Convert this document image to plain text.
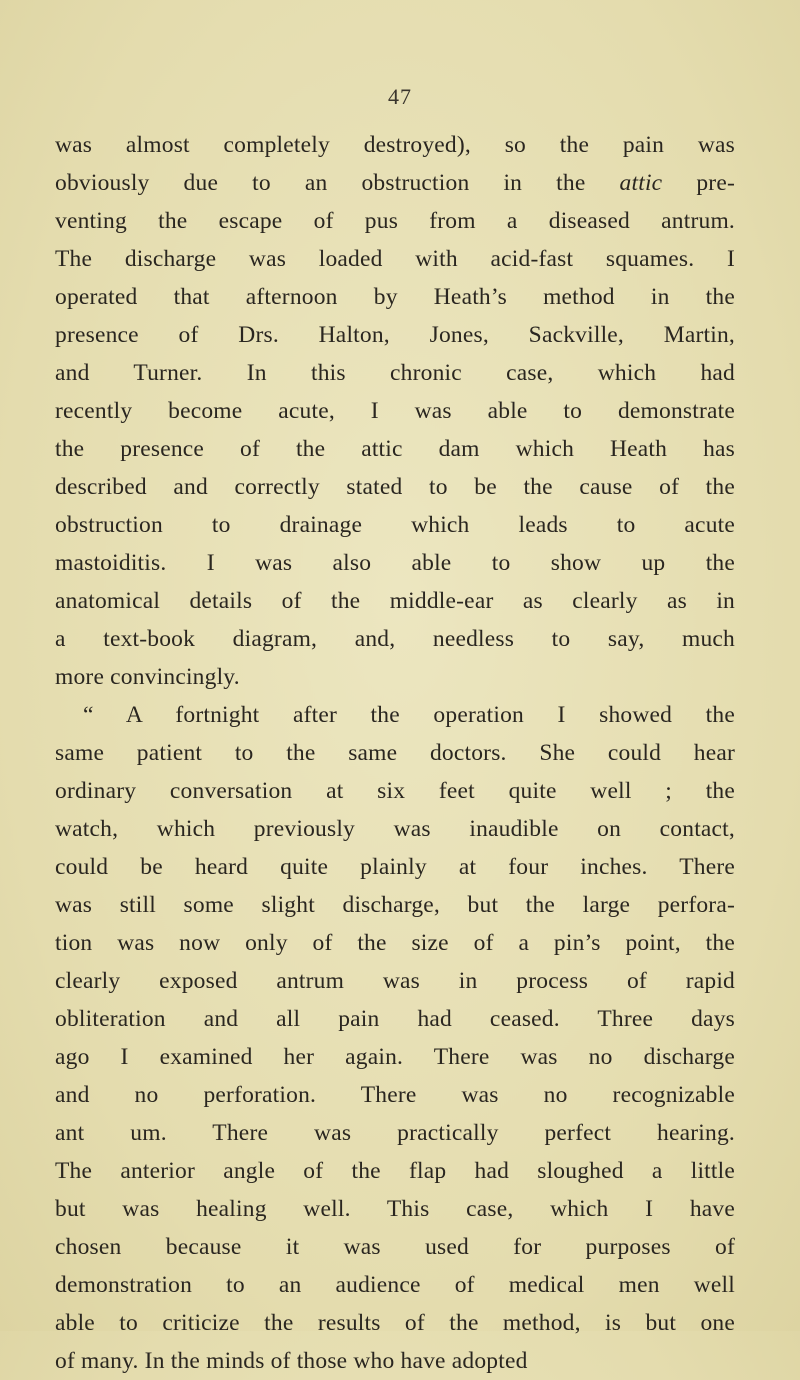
47
was almost completely destroyed), so the pain was
obviously due to an obstruction in the attic pre-
venting the escape of pus from a diseased antrum.
The discharge was loaded with acid-fast squames. I
operated that afternoon by Heath’s method in the
presence of Drs. Halton, Jones, Sackville, Martin,
and Turner. In this chronic case, which had
recently become acute, I was able to demonstrate
the presence of the attic dam which Heath has
described and correctly stated to be the cause of the
obstruction to drainage which leads to acute
mastoiditis. I was also able to show up the
anatomical details of the middle-ear as clearly as in
a text-book diagram, and, needless to say, much
more convincingly.
“ A fortnight after the operation I showed the
same patient to the same doctors. She could hear
ordinary conversation at six feet quite well ; the
watch, which previously was inaudible on contact,
could be heard quite plainly at four inches. There
was still some slight discharge, but the large perfora-
tion was now only of the size of a pin’s point, the
clearly exposed antrum was in process of rapid
obliteration and all pain had ceased. Three days
ago I examined her again. There was no discharge
and no perforation. There was no recognizable
ant um. There was practically perfect hearing.
The anterior angle of the flap had sloughed a little
but was healing well. This case, which I have
chosen because it was used for purposes of
demonstration to an audience of medical men well
able to criticize the results of the method, is but one
of many. In the minds of those who have adopted
